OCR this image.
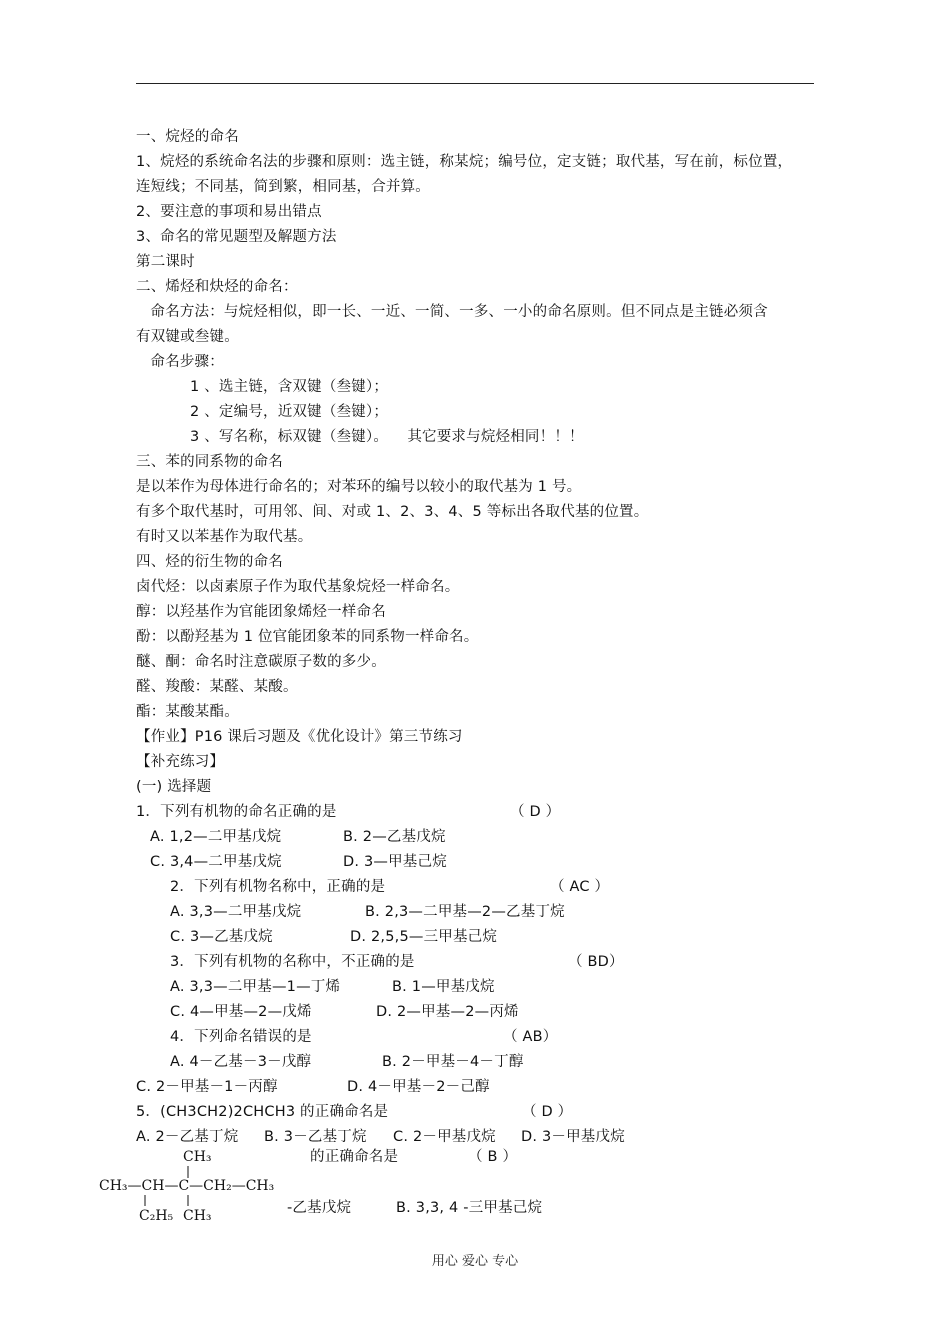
一、烷烃的命名
1、烷烃的系统命名法的步骤和原则：选主链，称某烷；编号位，定支链；取代基，写在前，标位置，
连短线；不同基，简到繁，相同基，合并算。
2、要注意的事项和易出错点
3、命名的常见题型及解题方法
第二课时
二、烯烃和炔烃的命名：
命名方法：与烷烃相似，即一长、一近、一简、一多、一小的命名原则。但不同点是主链必须含
有双键或叁键。
命名步骤：
1 、选主链，含双键（叁键）；
2 、定编号，近双键（叁键）；
3 、写名称，标双键（叁键）。    其它要求与烷烃相同！！！
三、苯的同系物的命名
是以苯作为母体进行命名的；对苯环的编号以较小的取代基为 1 号。
有多个取代基时，可用邻、间、对或 1、2、3、4、5 等标出各取代基的位置。
有时又以苯基作为取代基。
四、烃的衍生物的命名
卤代烃：以卤素原子作为取代基象烷烃一样命名。
醇：以羟基作为官能团象烯烃一样命名
酚：以酚羟基为 1 位官能团象苯的同系物一样命名。
醚、酮：命名时注意碳原子数的多少。
醛、羧酸：某醛、某酸。
酯：某酸某酯。
【作业】P16 课后习题及《优化设计》第三节练习
【补充练习】
(一) 选择题
1．下列有机物的命名正确的是	（ D ）
A. 1,2—二甲基戊烷	B. 2—乙基戊烷
C. 3,4—二甲基戊烷	D. 3—甲基己烷
2．下列有机物名称中，正确的是	（ AC ）
A. 3,3—二甲基戊烷	B. 2,3—二甲基—2—乙基丁烷
C. 3—乙基戊烷	D. 2,5,5—三甲基己烷
3．下列有机物的名称中，不正确的是	（ BD）
A. 3,3—二甲基—1—丁烯	B. 1—甲基戊烷
C. 4—甲基—2—戊烯	D. 2—甲基—2—丙烯
4．下列命名错误的是	（ AB）
A. 4－乙基－3－戊醇	B. 2－甲基－4－丁醇
C. 2－甲基－1－丙醇	D. 4－甲基－2－己醇
5．(CH3CH2)2CHCH3 的正确命名是	（ D ）
A. 2－乙基丁烷 B. 3－乙基丁烷 C. 2－甲基戊烷 D. 3－甲基戊烷
的正确命名是	（ B ）
-乙基戊烷	B. 3,3, 4 -三甲基己烷
CH₃
CH₃—CH—C—CH₂—CH₃
C₂H₅ CH₃
用心 爱心 专心
